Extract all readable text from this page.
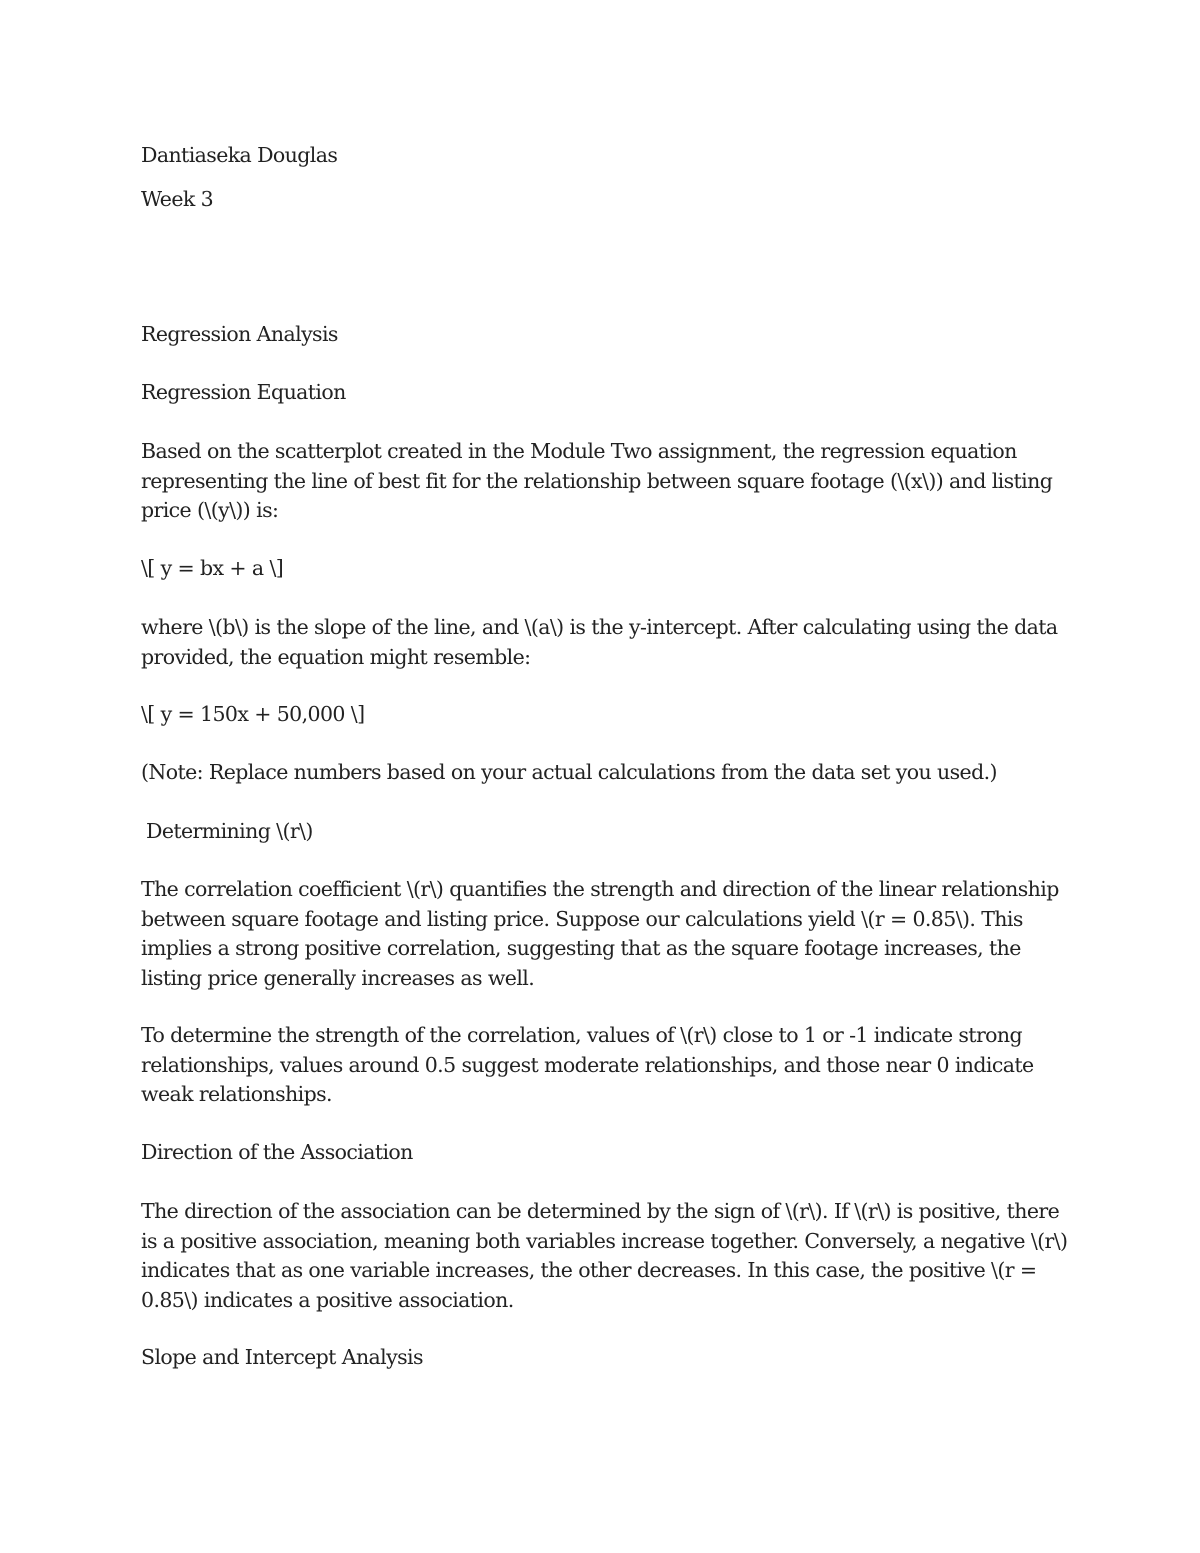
Dantiaseka Douglas

Week 3

Regression Analysis

Regression Equation

Based on the scatterplot created in the Module Two assignment, the regression equation representing the line of best fit for the relationship between square footage (\(x\)) and listing price (\(y\)) is:

\[ y = bx + a \]

where \(b\) is the slope of the line, and \(a\) is the y-intercept. After calculating using the data provided, the equation might resemble:

\[ y = 150x + 50,000 \]

(Note: Replace numbers based on your actual calculations from the data set you used.)

Determining \(r\)

The correlation coefficient \(r\) quantifies the strength and direction of the linear relationship between square footage and listing price. Suppose our calculations yield \(r = 0.85\). This implies a strong positive correlation, suggesting that as the square footage increases, the listing price generally increases as well.

To determine the strength of the correlation, values of \(r\) close to 1 or -1 indicate strong relationships, values around 0.5 suggest moderate relationships, and those near 0 indicate weak relationships.

Direction of the Association

The direction of the association can be determined by the sign of \(r\). If \(r\) is positive, there is a positive association, meaning both variables increase together. Conversely, a negative \(r\) indicates that as one variable increases, the other decreases. In this case, the positive \(r = 0.85\) indicates a positive association.

Slope and Intercept Analysis
